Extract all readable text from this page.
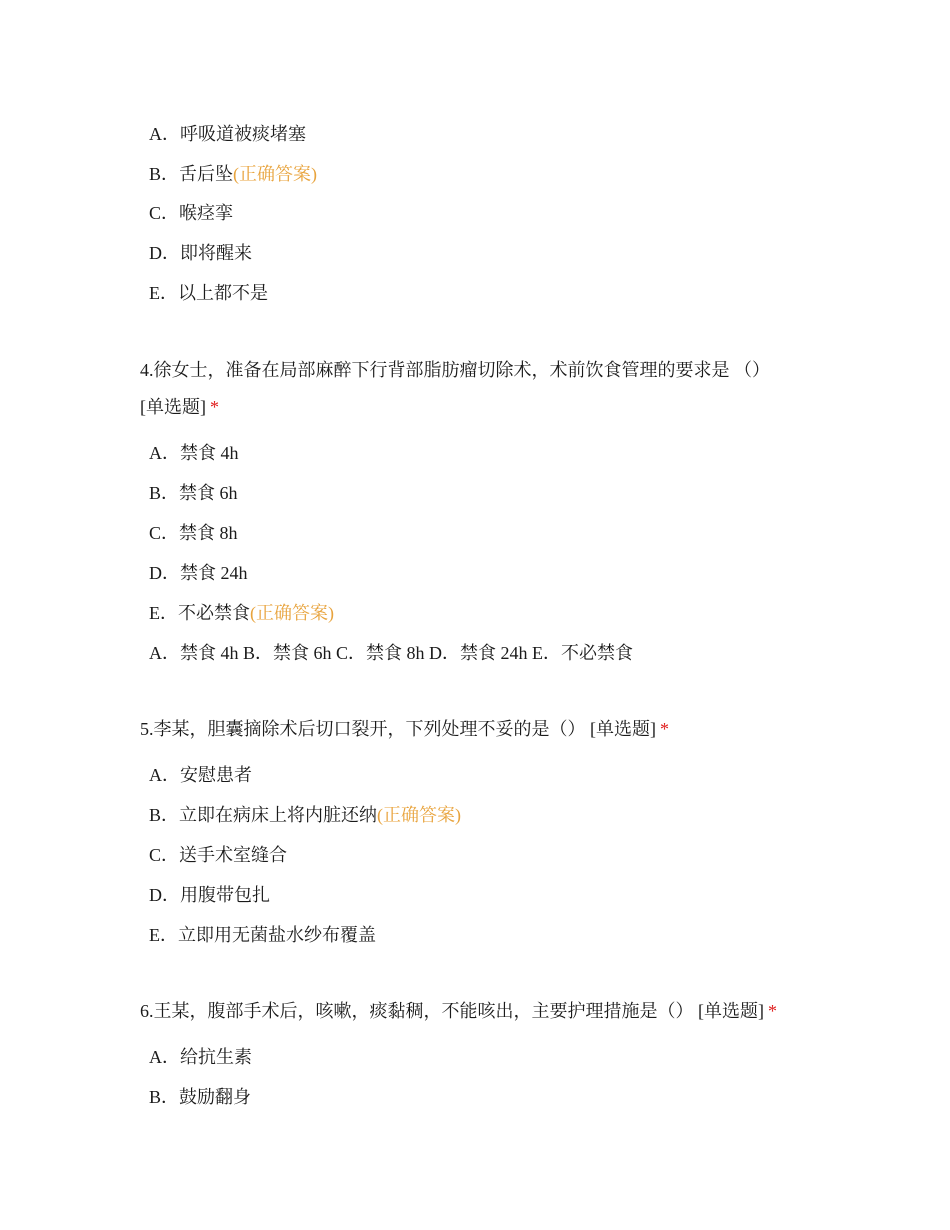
A．呼吸道被痰堵塞
B．舌后坠(正确答案)
C．喉痉挛
D．即将醒来
E．以上都不是
4.徐女士，准备在局部麻醉下行背部脂肪瘤切除术，术前饮食管理的要求是 （）
[单选题] *
A．禁食 4h
B．禁食 6h
C．禁食 8h
D．禁食 24h
E．不必禁食(正确答案)
A．禁食 4h B．禁食 6h C．禁食 8h D．禁食 24h E．不必禁食
5.李某，胆囊摘除术后切口裂开，下列处理不妥的是（） [单选题] *
A．安慰患者
B．立即在病床上将内脏还纳(正确答案)
C．送手术室缝合
D．用腹带包扎
E．立即用无菌盐水纱布覆盖
6.王某，腹部手术后，咳嗽，痰黏稠，不能咳出，主要护理措施是（） [单选题] *
A．给抗生素
B．鼓励翻身
